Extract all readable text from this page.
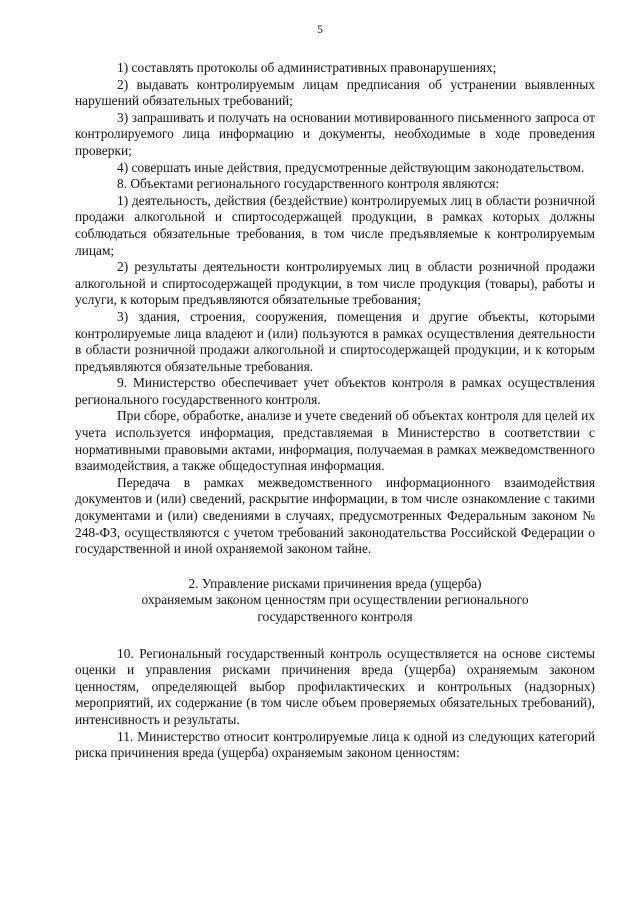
5

1) составлять протоколы об административных правонарушениях;

2) выдавать контролируемым лицам предписания об устранении выявленных нарушений обязательных требований;

3) запрашивать и получать на основании мотивированного письменного запроса от контролируемого лица информацию и документы, необходимые в ходе проведения проверки;

4) совершать иные действия, предусмотренные действующим законодательством.

8. Объектами регионального государственного контроля являются:

1) деятельность, действия (бездействие) контролируемых лиц в области розничной продажи алкогольной и спиртосодержащей продукции, в рамках которых должны соблюдаться обязательные требования, в том числе предъявляемые к контролируемым лицам;

2) результаты деятельности контролируемых лиц в области розничной продажи алкогольной и спиртосодержащей продукции, в том числе продукция (товары), работы и услуги, к которым предъявляются обязательные требования;

3) здания, строения, сооружения, помещения и другие объекты, которыми контролируемые лица владеют и (или) пользуются в рамках осуществления деятельности в области розничной продажи алкогольной и спиртосодержащей продукции, и к которым предъявляются обязательные требования.

9. Министерство обеспечивает учет объектов контроля в рамках осуществления регионального государственного контроля.

При сборе, обработке, анализе и учете сведений об объектах контроля для целей их учета используется информация, представляемая в Министерство в соответствии с нормативными правовыми актами, информация, получаемая в рамках межведомственного взаимодействия, а также общедоступная информация.

Передача в рамках межведомственного информационного взаимодействия документов и (или) сведений, раскрытие информации, в том числе ознакомление с такими документами и (или) сведениями в случаях, предусмотренных Федеральным законом № 248-ФЗ, осуществляются с учетом требований законодательства Российской Федерации о государственной и иной охраняемой законом тайне.

2. Управление рисками причинения вреда (ущерба)
охраняемым законом ценностям при осуществлении регионального
государственного контроля

10. Региональный государственный контроль осуществляется на основе системы оценки и управления рисками причинения вреда (ущерба) охраняемым законом ценностям, определяющей выбор профилактических и контрольных (надзорных) мероприятий, их содержание (в том числе объем проверяемых обязательных требований), интенсивность и результаты.

11. Министерство относит контролируемые лица к одной из следующих категорий риска причинения вреда (ущерба) охраняемым законом ценностям:
